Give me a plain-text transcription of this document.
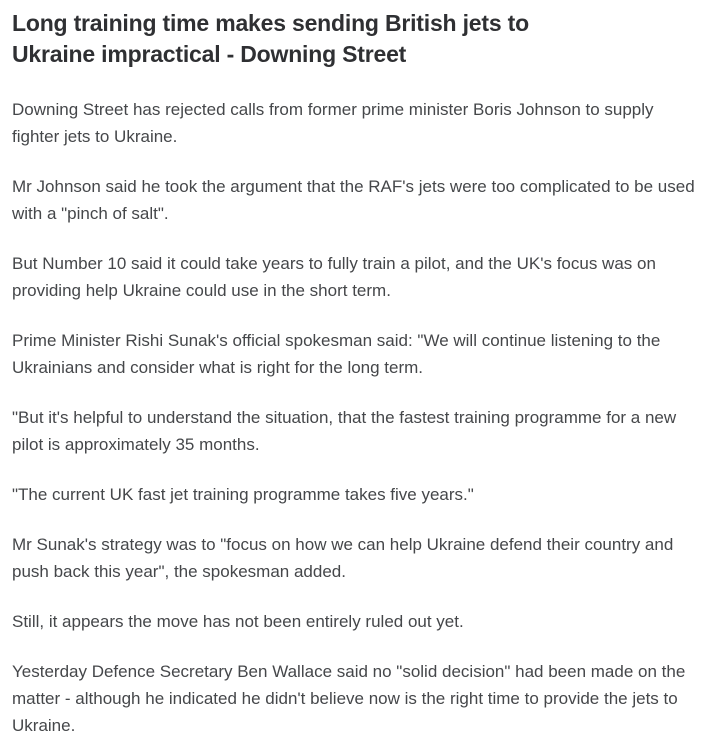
Long training time makes sending British jets to Ukraine impractical - Downing Street

Downing Street has rejected calls from former prime minister Boris Johnson to supply fighter jets to Ukraine.

Mr Johnson said he took the argument that the RAF's jets were too complicated to be used with a "pinch of salt".

But Number 10 said it could take years to fully train a pilot, and the UK's focus was on providing help Ukraine could use in the short term.

Prime Minister Rishi Sunak's official spokesman said: "We will continue listening to the Ukrainians and consider what is right for the long term.

"But it's helpful to understand the situation, that the fastest training programme for a new pilot is approximately 35 months.

"The current UK fast jet training programme takes five years."

Mr Sunak's strategy was to "focus on how we can help Ukraine defend their country and push back this year", the spokesman added.

Still, it appears the move has not been entirely ruled out yet.

Yesterday Defence Secretary Ben Wallace said no "solid decision" had been made on the matter - although he indicated he didn't believe now is the right time to provide the jets to Ukraine.
